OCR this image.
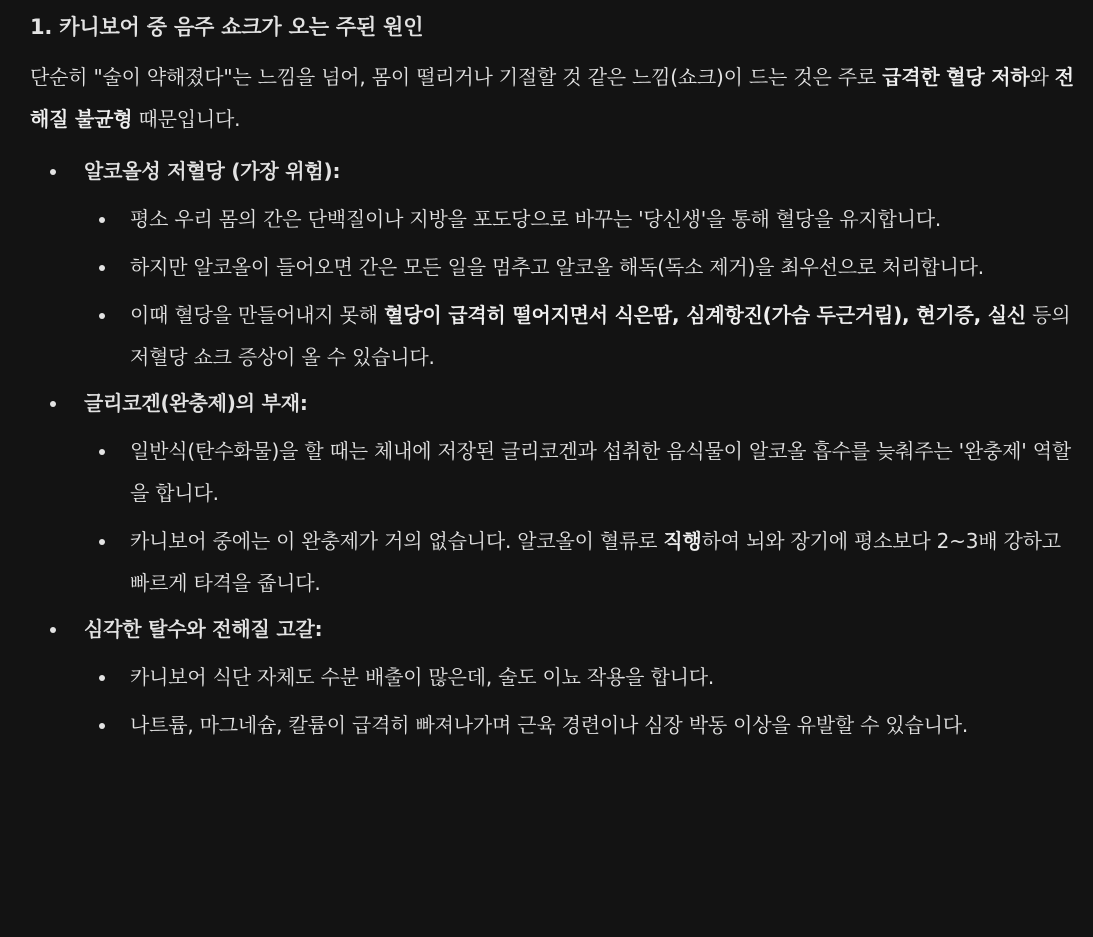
1. 카니보어 중 음주 쇼크가 오는 주된 원인
단순히 "술이 약해졌다"는 느낌을 넘어, 몸이 떨리거나 기절할 것 같은 느낌(쇼크)이 드는 것은 주로 급격한 혈당 저하와 전해질 불균형 때문입니다.
알코올성 저혈당 (가장 위험):
평소 우리 몸의 간은 단백질이나 지방을 포도당으로 바꾸는 '당신생'을 통해 혈당을 유지합니다.
하지만 알코올이 들어오면 간은 모든 일을 멈추고 알코올 해독(독소 제거)을 최우선으로 처리합니다.
이때 혈당을 만들어내지 못해 혈당이 급격히 떨어지면서 식은땀, 심계항진(가슴 두근거림), 현기증, 실신 등의 저혈당 쇼크 증상이 올 수 있습니다.
글리코겐(완충제)의 부재:
일반식(탄수화물)을 할 때는 체내에 저장된 글리코겐과 섭취한 음식물이 알코올 흡수를 늦춰주는 '완충제' 역할을 합니다.
카니보어 중에는 이 완충제가 거의 없습니다. 알코올이 혈류로 직행하여 뇌와 장기에 평소보다 2~3배 강하고 빠르게 타격을 줍니다.
심각한 탈수와 전해질 고갈:
카니보어 식단 자체도 수분 배출이 많은데, 술도 이뇨 작용을 합니다.
나트륨, 마그네슘, 칼륨이 급격히 빠져나가며 근육 경련이나 심장 박동 이상을 유발할 수 있습니다.
